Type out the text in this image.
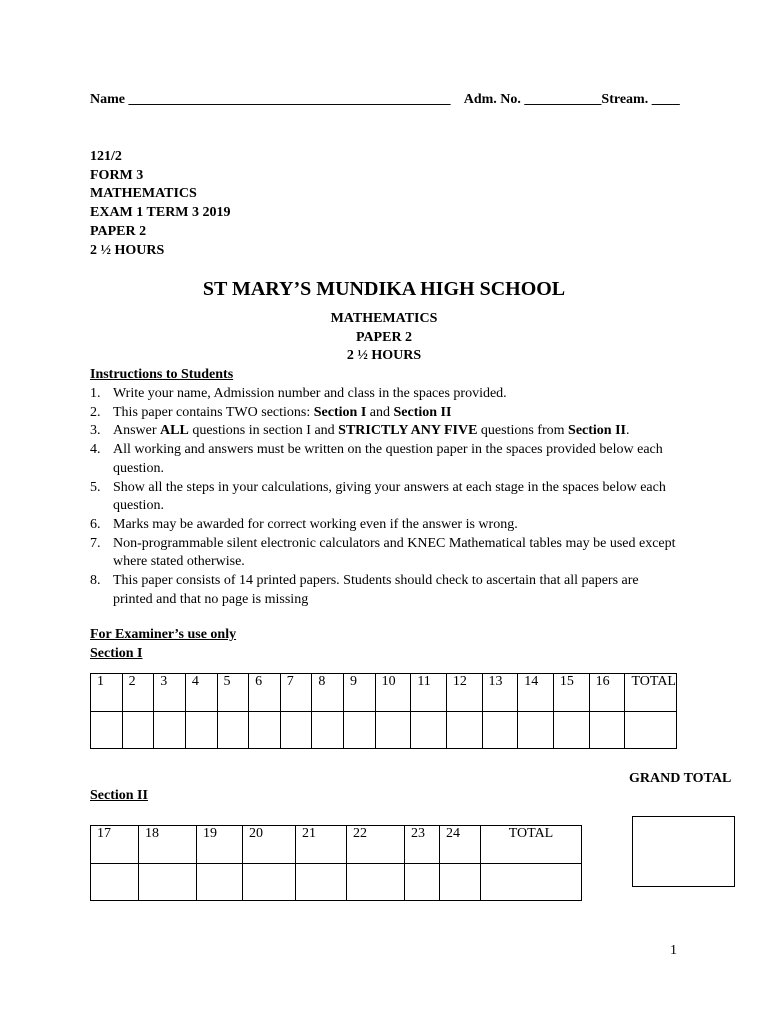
Name ______________________________________________ Adm. No. ___________Stream. ____
121/2
FORM 3
MATHEMATICS
EXAM 1 TERM 3 2019
PAPER 2
2 ½ HOURS
ST MARY’S MUNDIKA HIGH SCHOOL
MATHEMATICS
PAPER 2
2 ½ HOURS
Instructions to Students
1. Write your name, Admission number and class in the spaces provided.
2. This paper contains TWO sections: Section I and Section II
3. Answer ALL questions in section I and STRICTLY ANY FIVE questions from Section II.
4. All working and answers must be written on the question paper in the spaces provided below each question.
5. Show all the steps in your calculations, giving your answers at each stage in the spaces below each question.
6. Marks may be awarded for correct working even if the answer is wrong.
7. Non-programmable silent electronic calculators and KNEC Mathematical tables may be used except where stated otherwise.
8. This paper consists of 14 printed papers. Students should check to ascertain that all papers are printed and that no page is missing
For Examiner’s use only
Section I
1	2	3	4	5	6	7	8	9	10	11	12	13	14	15	16	TOTAL

GRAND TOTAL
Section II
17	18	19	20	21	22	23	24	TOTAL

1
